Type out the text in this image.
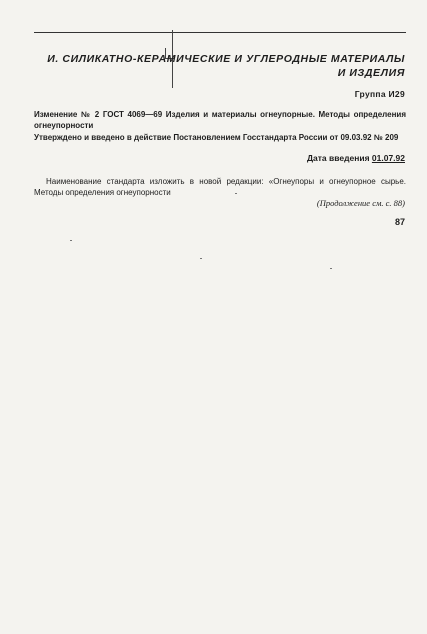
И. СИЛИКАТНО-КЕРАМИЧЕСКИЕ И УГЛЕРОДНЫЕ МАТЕРИАЛЫ
И ИЗДЕЛИЯ
Группа И29

Изменение № 2 ГОСТ 4069—69 Изделия и материалы огнеупорные. Методы определения огнеупорности

Утверждено и введено в действие Постановлением Госстандарта России от 09.03.92 № 209

Дата введения 01.07.92

Наименование стандарта изложить в новой редакции: «Огнеупоры и огнеупорное сырье. Методы определения огнеупорности

(Продолжение см. с. 88)
87
